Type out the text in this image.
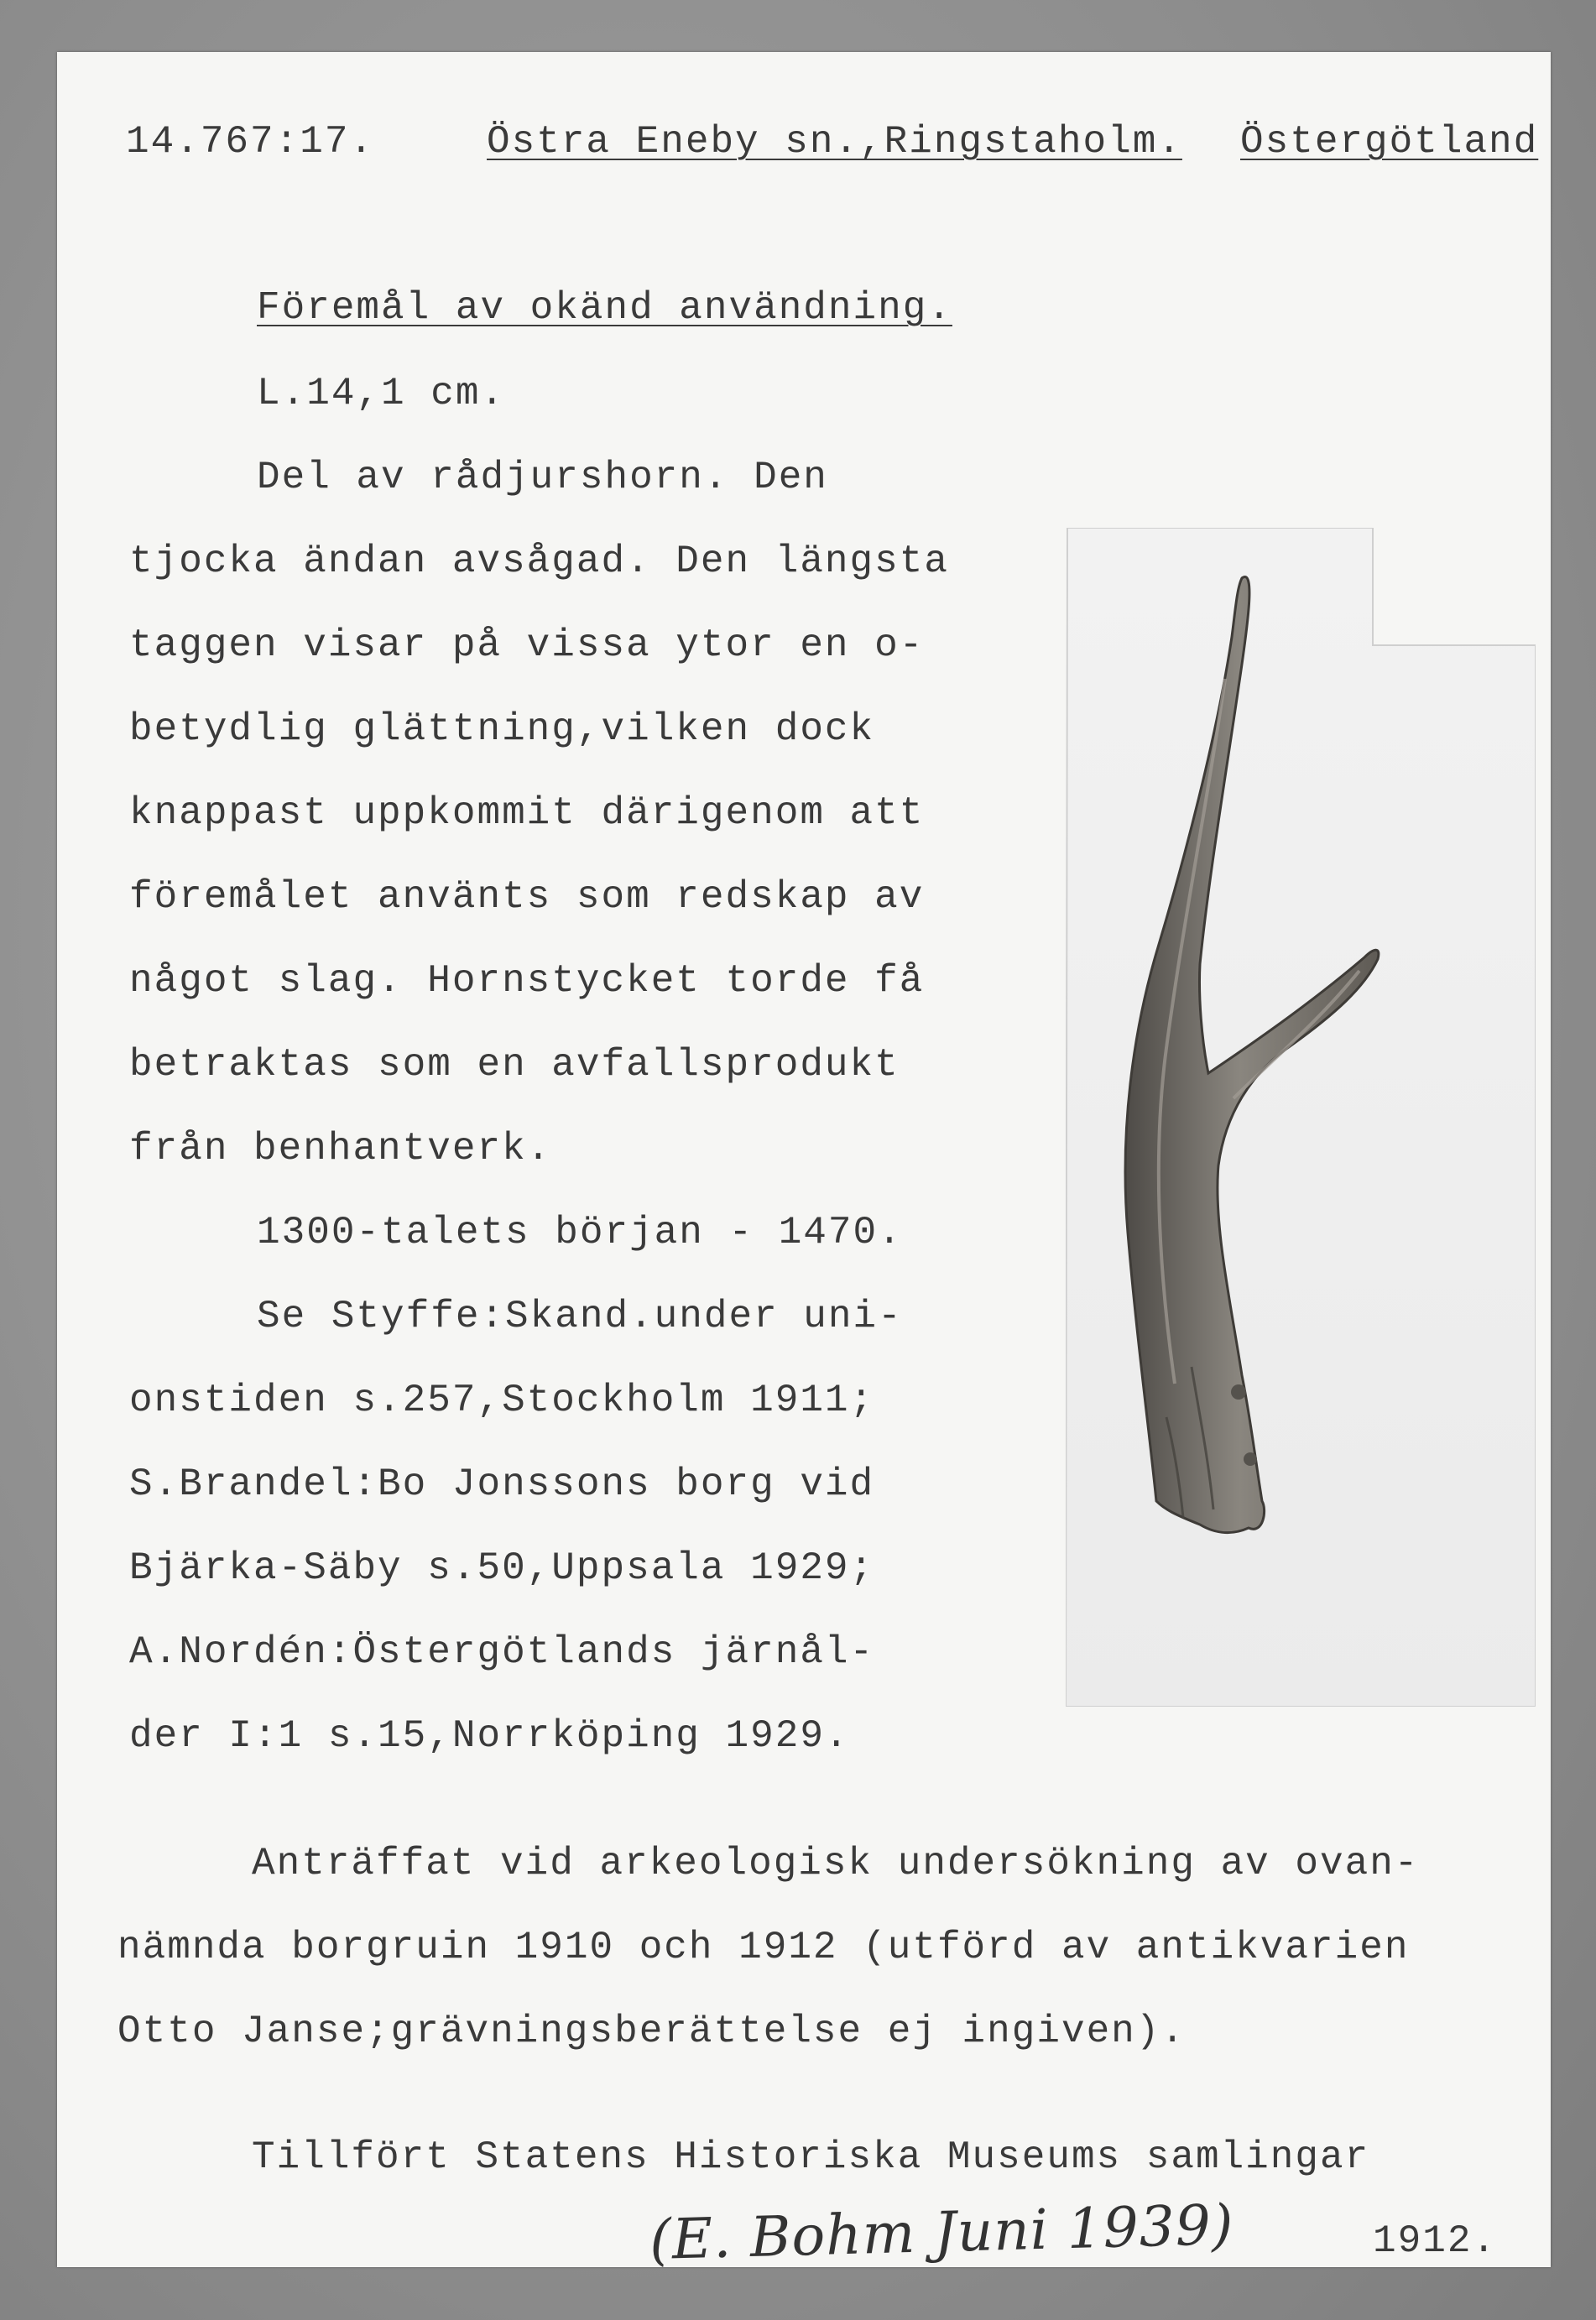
14.767:17.	Östra Eneby sn.,Ringstaholm. Östergötland
Föremål av okänd användning.
L.14,1 cm.
Del av rådjurshorn. Den
tjocka ändan avsågad. Den längsta
taggen visar på vissa ytor en o-
betydlig glättning,vilken dock
knappast uppkommit därigenom att
föremålet använts som redskap av
något slag. Hornstycket torde få
betraktas som en avfallsprodukt
från benhantverk.
1300-talets början - 1470.
Se Styffe:Skand.under uni-
onstiden s.257,Stockholm 1911;
S.Brandel:Bo Jonssons borg vid
Bjärka-Säby s.50,Uppsala 1929;
A.Nordén:Östergötlands järnål-
der I:1 s.15,Norrköping 1929.
Anträffat vid arkeologisk undersökning av ovan-
nämnda borgruin 1910 och 1912 (utförd av antikvarien
Otto Janse;grävningsberättelse ej ingiven).
Tillfört Statens Historiska Museums samlingar
1912.
(E. Bohm Juni 1939)
